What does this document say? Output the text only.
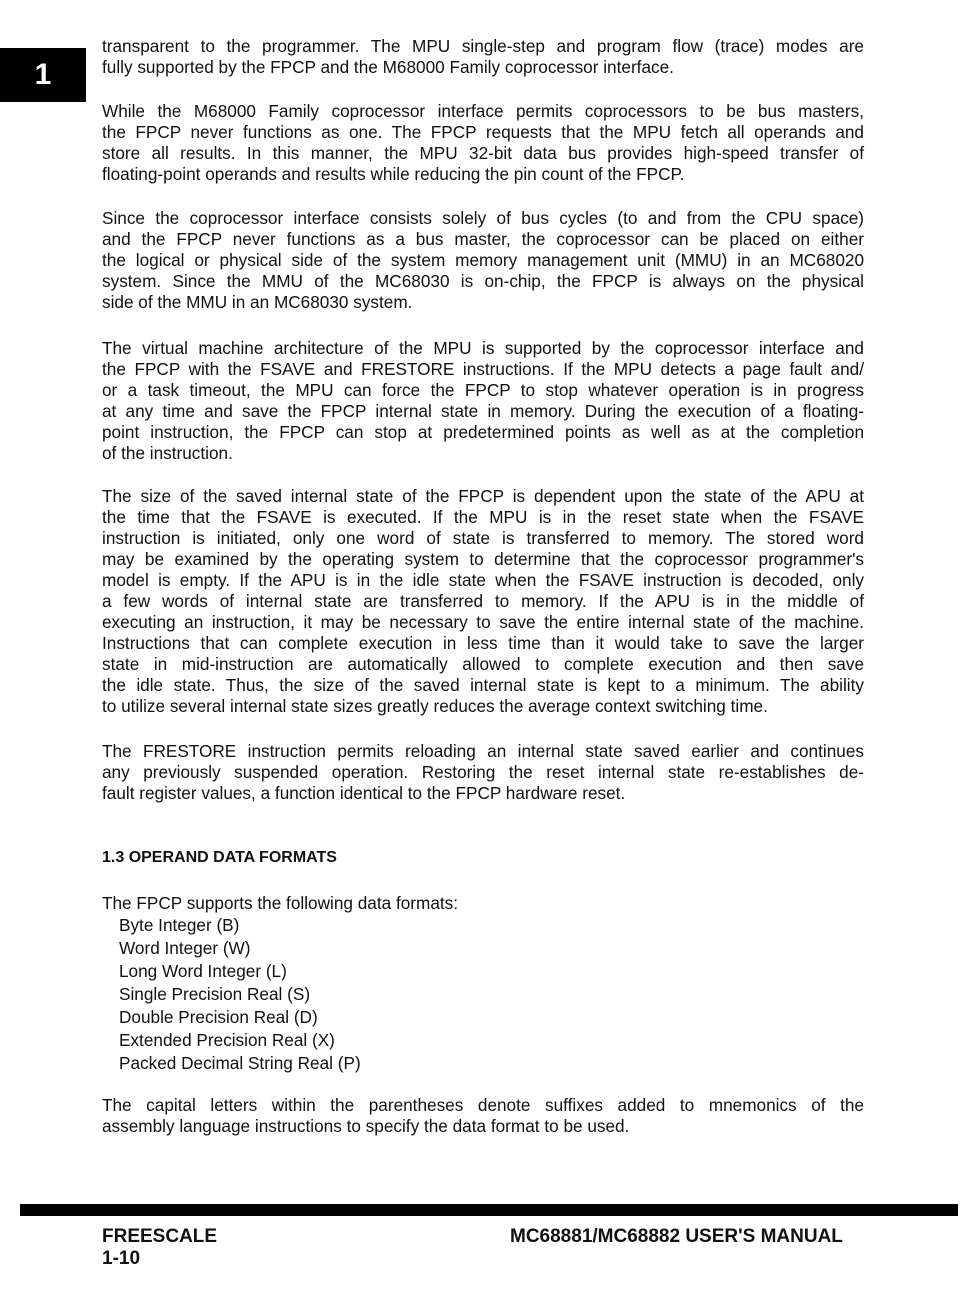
1
transparent to the programmer. The MPU single-step and program flow (trace) modes are
fully supported by the FPCP and the M68000 Family coprocessor interface.
While the M68000 Family coprocessor interface permits coprocessors to be bus masters,
the FPCP never functions as one. The FPCP requests that the MPU fetch all operands and
store all results. In this manner, the MPU 32-bit data bus provides high-speed transfer of
floating-point operands and results while reducing the pin count of the FPCP.
Since the coprocessor interface consists solely of bus cycles (to and from the CPU space)
and the FPCP never functions as a bus master, the coprocessor can be placed on either
the logical or physical side of the system memory management unit (MMU) in an MC68020
system. Since the MMU of the MC68030 is on-chip, the FPCP is always on the physical
side of the MMU in an MC68030 system.
The virtual machine architecture of the MPU is supported by the coprocessor interface and
the FPCP with the FSAVE and FRESTORE instructions. If the MPU detects a page fault and/
or a task timeout, the MPU can force the FPCP to stop whatever operation is in progress
at any time and save the FPCP internal state in memory. During the execution of a floating-
point instruction, the FPCP can stop at predetermined points as well as at the completion
of the instruction.
The size of the saved internal state of the FPCP is dependent upon the state of the APU at
the time that the FSAVE is executed. If the MPU is in the reset state when the FSAVE
instruction is initiated, only one word of state is transferred to memory. The stored word
may be examined by the operating system to determine that the coprocessor programmer's
model is empty. If the APU is in the idle state when the FSAVE instruction is decoded, only
a few words of internal state are transferred to memory. If the APU is in the middle of
executing an instruction, it may be necessary to save the entire internal state of the machine.
Instructions that can complete execution in less time than it would take to save the larger
state in mid-instruction are automatically allowed to complete execution and then save
the idle state. Thus, the size of the saved internal state is kept to a minimum. The ability
to utilize several internal state sizes greatly reduces the average context switching time.
The FRESTORE instruction permits reloading an internal state saved earlier and continues
any previously suspended operation. Restoring the reset internal state re-establishes de-
fault register values, a function identical to the FPCP hardware reset.
The FPCP supports the following data formats:
The capital letters within the parentheses denote suffixes added to mnemonics of the
assembly language instructions to specify the data format to be used.
1.3 OPERAND DATA FORMATS
Byte Integer (B)
Word Integer (W)
Long Word Integer (L)
Single Precision Real (S)
Double Precision Real (D)
Extended Precision Real (X)
Packed Decimal String Real (P)
FREESCALE
1-10
MC68881/MC68882 USER'S MANUAL
